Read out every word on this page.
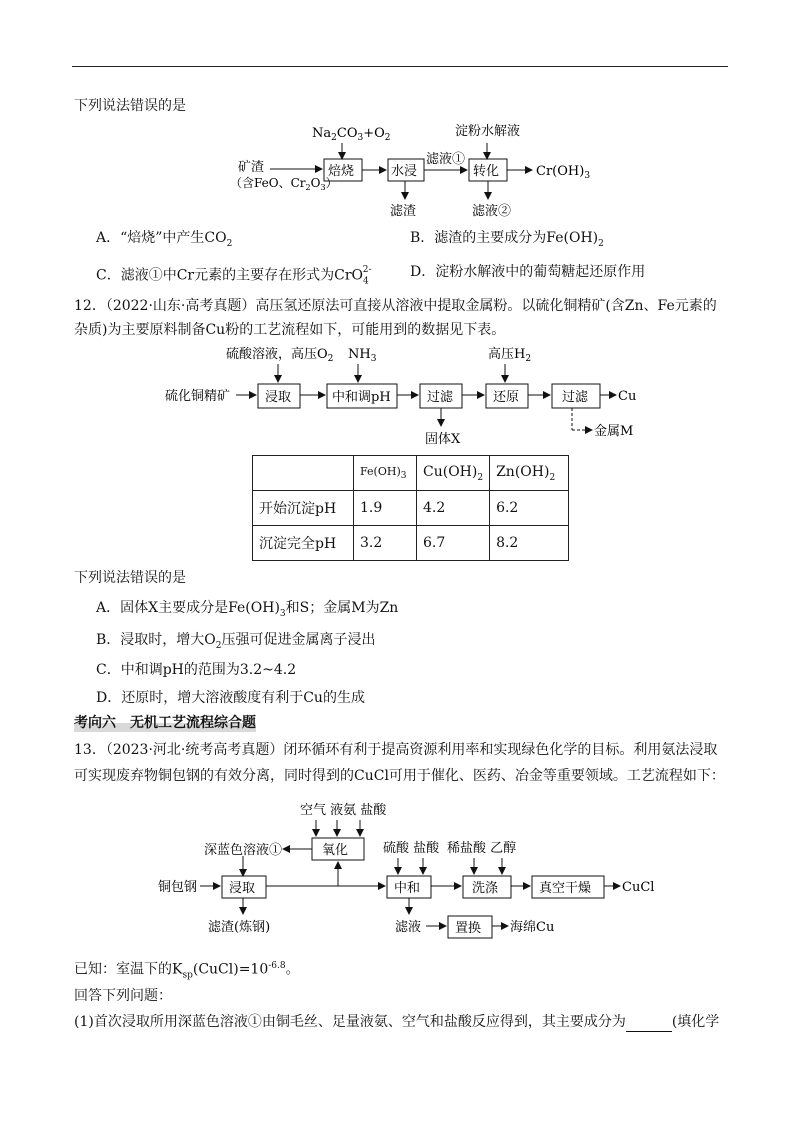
下列说法错误的是
$Na_2CO_3+O_2$	淀粉水解液
矿渣
（含FeO、$Cr_2O_3$）
焙烧	水浸
滤液①
转化	$Cr(OH)_3$
滤渣	滤液②
A．“焙烧”中产生$CO_2$	B．滤渣的主要成分为$Fe(OH)_2$
C．滤液①中Cr元素的主要存在形式为CrO$_4^{2-}$	D．淀粉水解液中的葡萄糖起还原作用
12．（2022·山东·高考真题）高压氢还原法可直接从溶液中提取金属粉。以硫化铜精矿(含Zn、Fe元素的
杂质)为主要原料制备Cu粉的工艺流程如下，可能用到的数据见下表。
硫酸溶液，高压$O_2$ $NH_3$	高压$H_2$
硫化铜精矿	浸取	中和调pH	过滤	还原	过滤 Cu
固体X
金属M
	$Fe(OH)_3$	$Cu(OH)_2$	$Zn(OH)_2$
开始沉淀pH	1.9	4.2	6.2
沉淀完全pH	3.2	6.7	8.2
下列说法错误的是
A．固体X主要成分是$Fe(OH)_3$和S；金属M为Zn
B．浸取时，增大$O_2$压强可促进金属离子浸出
C．中和调pH的范围为3.2~4.2
D．还原时，增大溶液酸度有利于Cu的生成
考向六　无机工艺流程综合题
13．（2023·河北·统考高考真题）闭环循环有利于提高资源利用率和实现绿色化学的目标。利用氨法浸取
可实现废弃物铜包钢的有效分离，同时得到的CuCl可用于催化、医药、冶金等重要领域。工艺流程如下：
空气 液氨 盐酸
氧化
深蓝色溶液①
铜包钢 浸取
滤渣(炼钢)
硫酸 盐酸
中和
稀盐酸 乙醇
洗涤	真空干燥 CuCl
滤液	置换 海绵Cu
已知：室温下的$K_{sp}(CuCl)=10^{-6.8}$。
回答下列问题：
(1)首次浸取所用深蓝色溶液①由铜毛丝、足量液氨、空气和盐酸反应得到，其主要成分为	(填化学
